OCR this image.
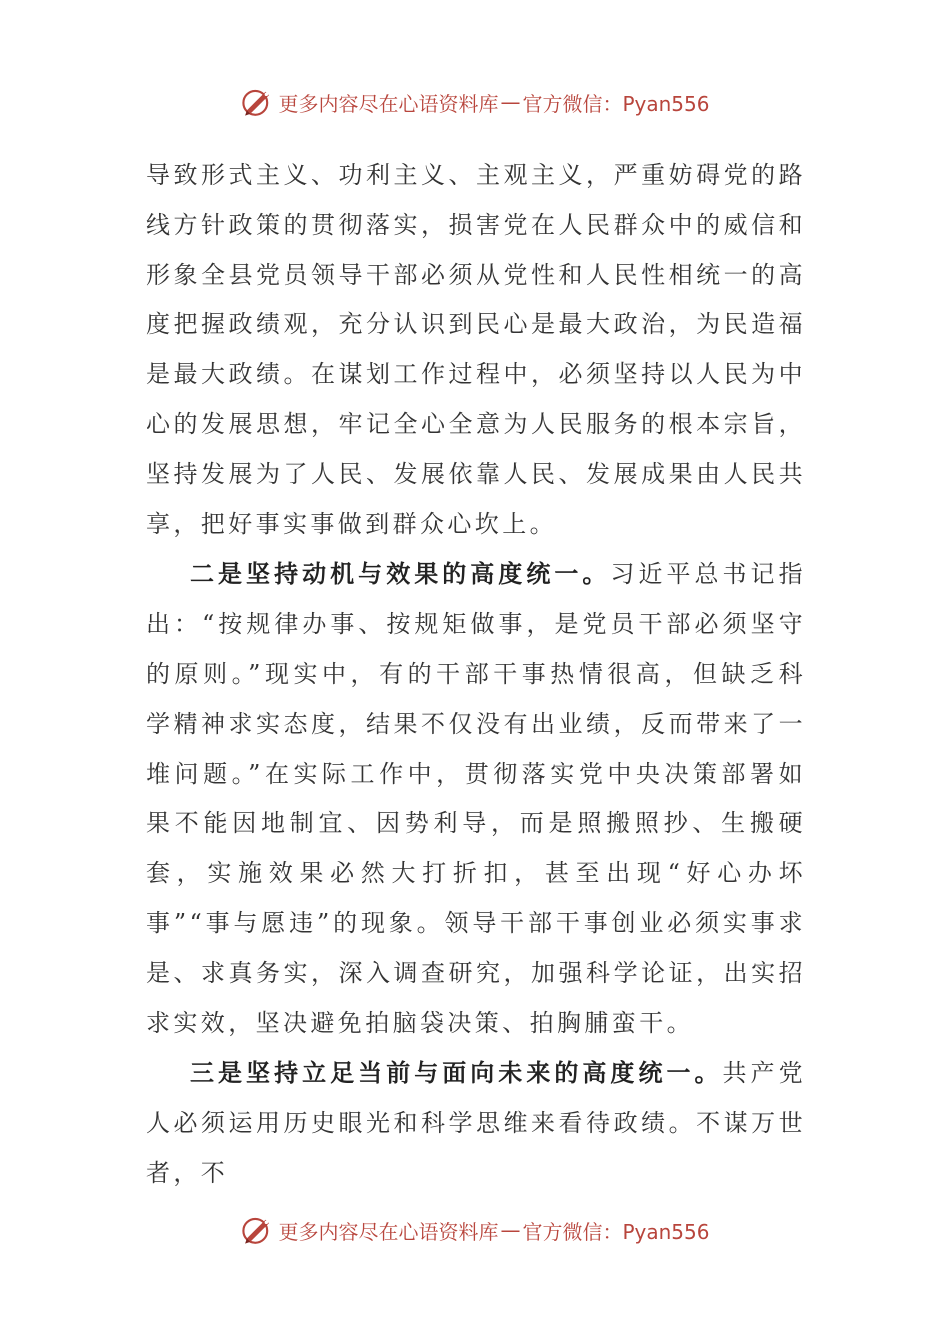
更多内容尽在心语资料库 — 官方微信：Pyan556

导致形式主义、功利主义、主观主义，严重妨碍党的路线方针政策的贯彻落实，损害党在人民群众中的威信和形象全县党员领导干部必须从党性和人民性相统一的高度把握政绩观，充分认识到民心是最大政治，为民造福是最大政绩。在谋划工作过程中，必须坚持以人民为中心的发展思想，牢记全心全意为人民服务的根本宗旨，坚持发展为了人民、发展依靠人民、发展成果由人民共享，把好事实事做到群众心坎上。

二是坚持动机与效果的高度统一。习近平总书记指出：“按规律办事、按规矩做事，是党员干部必须坚守的原则。”现实中，有的干部干事热情很高，但缺乏科学精神求实态度，结果不仅没有出业绩，反而带来了一堆问题。”在实际工作中，贯彻落实党中央决策部署如果不能因地制宜、因势利导，而是照搬照抄、生搬硬套，实施效果必然大打折扣，甚至出现“好心办坏事”“事与愿违”的现象。领导干部干事创业必须实事求是、求真务实，深入调查研究，加强科学论证，出实招求实效，坚决避免拍脑袋决策、拍胸脯蛮干。

三是坚持立足当前与面向未来的高度统一。共产党人必须运用历史眼光和科学思维来看待政绩。不谋万世者，不

更多内容尽在心语资料库 — 官方微信：Pyan556
